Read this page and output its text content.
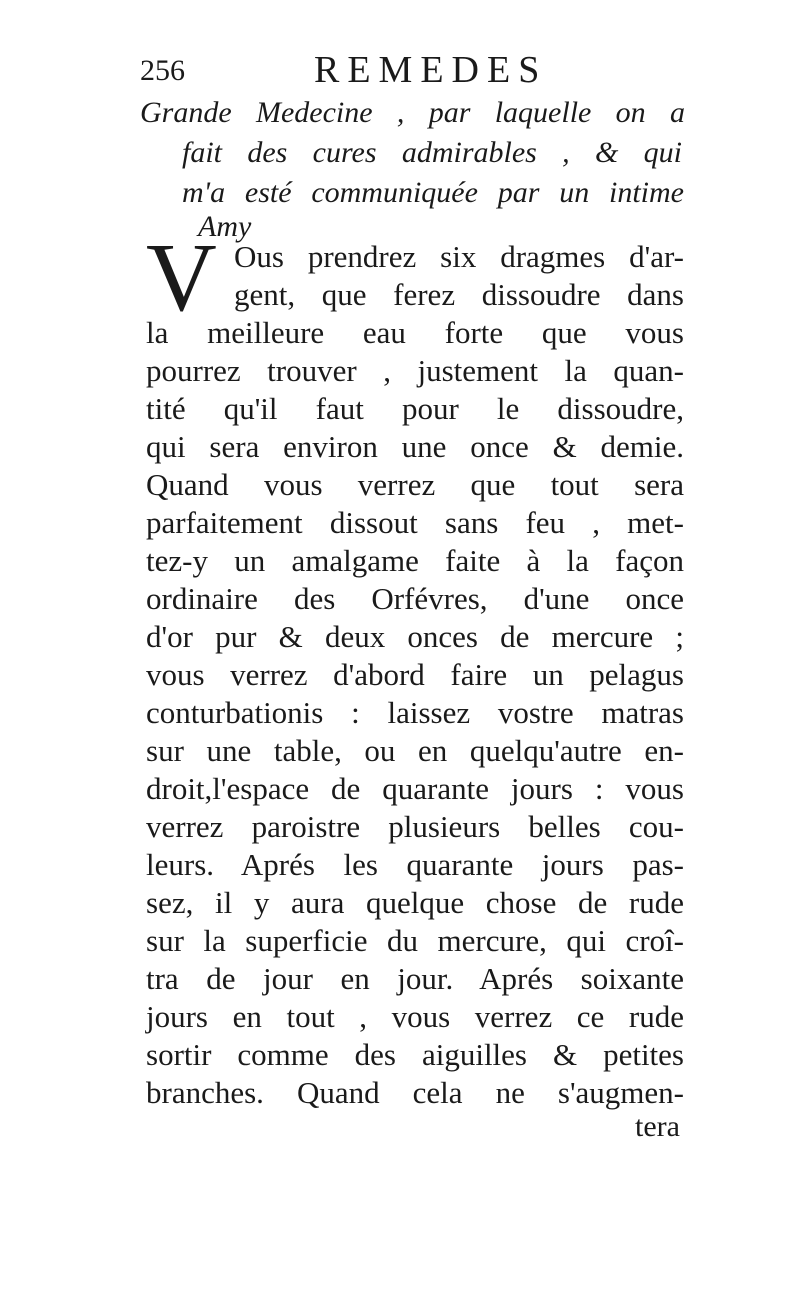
256	REMEDES
Grande Medecine , par laquelle on a
fait des cures admirables , & qui
m'a esté communiquée par un intime
Amy
V Ous prendrez six dragmes d'ar-
gent, que ferez dissoudre dans
la meilleure eau forte que vous
pourrez trouver , justement la quan-
tité qu'il faut pour le dissoudre,
qui sera environ une once & demie.
Quand vous verrez que tout sera
parfaitement dissout sans feu , met-
tez-y un amalgame faite à la façon
ordinaire des Orfévres, d'une once
d'or pur & deux onces de mercure ;
vous verrez d'abord faire un pelagus
conturbationis : laissez vostre matras
sur une table, ou en quelqu'autre en-
droit,l'espace de quarante jours : vous
verrez paroistre plusieurs belles cou-
leurs. Aprés les quarante jours pas-
sez, il y aura quelque chose de rude
sur la superficie du mercure, qui croî-
tra de jour en jour. Aprés soixante
jours en tout , vous verrez ce rude
sortir comme des aiguilles & petites
branches. Quand cela ne s'augmen-
tera
